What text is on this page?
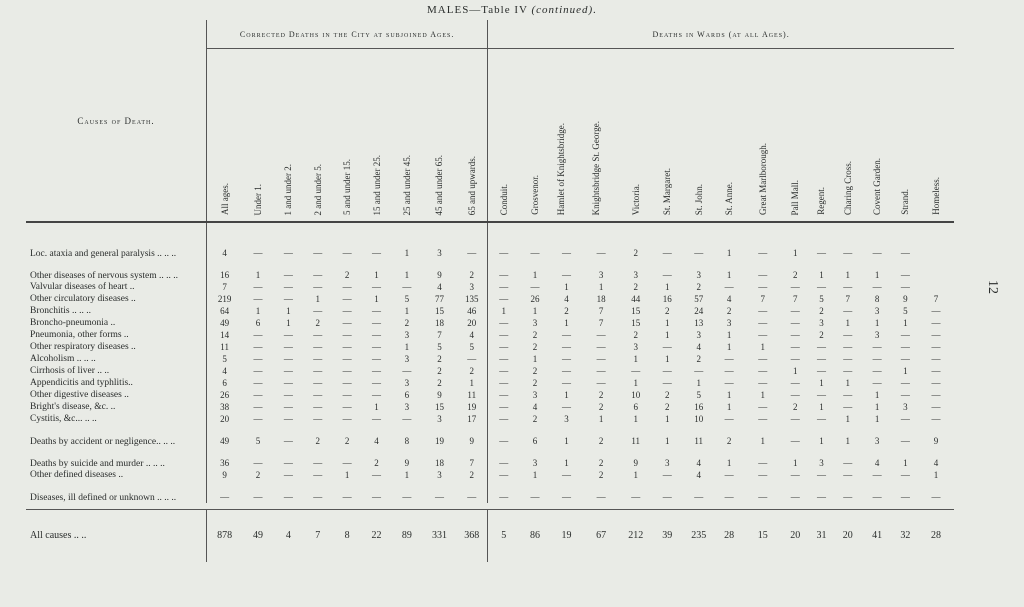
MALES—Table IV (continued).
12
Causes of Death.	Corrected Deaths in the City at subjoined Ages.									Deaths in Wards (at all Ages).														

	All ages.	Under 1.	1 and under 2.	2 and under 5.	5 and under 15.	15 and under 25.	25 and under 45.	45 and under 65.	65 and upwards.	Conduit.	Grosvenor.	Hamlet of Knightsbridge.	Knightsbridge St. George.	Victoria.	St. Margaret.	St. John.	St. Anne.	Great Marlborough.	Pall Mall.	Regent.	Charing Cross.	Covent Garden.	Strand.	Homeless.

Loc. ataxia and general paralysis .. .. ..	4	—	—	—	—	—	1	3	—	—	—	—	—	2	—	—	1	—	1	—	—	—	—	
Other diseases of nervous system .. .. ..	16	1	—	—	2	1	1	9	2	—	1	—	3	3	—	3	1	—	2	1	1	1	—	
Valvular diseases of heart ..	7	—	—	—	—	—	—	4	3	—	—	1	1	2	1	2	—	—	—	—	—	—	—	
Other circulatory diseases ..	219	—	—	1	—	1	5	77	135	—	26	4	18	44	16	57	4	7	7	5	7	8	9	7
Bronchitis .. .. ..	64	1	1	—	—	—	1	15	46	1	1	2	7	15	2	24	2	—	—	2	—	3	5	—
Broncho-pneumonia ..	49	6	1	2	—	—	2	18	20	—	3	1	7	15	1	13	3	—	—	3	1	1	1	—
Pneumonia, other forms ..	14	—	—	—	—	—	3	7	4	—	2	—	—	2	1	3	1	—	—	2	—	3	—	—
Other respiratory diseases ..	11	—	—	—	—	—	1	5	5	—	2	—	—	3	—	4	1	1	—	—	—	—	—	—
Alcoholism .. .. ..	5	—	—	—	—	—	3	2	—	—	1	—	—	1	1	2	—	—	—	—	—	—	—	—
Cirrhosis of liver .. ..	4	—	—	—	—	—	—	2	2	—	2	—	—	—	—	—	—	—	1	—	—	—	1	—
Appendicitis and typhlitis..	6	—	—	—	—	—	3	2	1	—	2	—	—	1	—	1	—	—	—	1	1	—	—	—
Other digestive diseases ..	26	—	—	—	—	—	6	9	11	—	3	1	2	10	2	5	1	1	—	—	—	1	—	—
Bright's disease, &c. ..	38	—	—	—	—	1	3	15	19	—	4	—	2	6	2	16	1	—	2	1	—	1	3	—
Cystitis, &c... .. ..	20	—	—	—	—	—	—	3	17	—	2	3	1	1	1	10	—	—	—	—	1	1	—	—
Deaths by accident or negligence.. .. ..	49	5	—	2	2	4	8	19	9	—	6	1	2	11	1	11	2	1	—	1	1	3	—	9
Deaths by suicide and murder .. .. ..	36	—	—	—	—	2	9	18	7	—	3	1	2	9	3	4	1	—	1	3	—	4	1	4
Other defined diseases ..	9	2	—	—	1	—	1	3	2	—	1	—	2	1	—	4	—	—	—	—	—	—	—	1
Diseases, ill defined or unknown .. .. ..	—	—	—	—	—	—	—	—	—	—	—	—	—	—	—	—	—	—	—	—	—	—	—	—

All causes .. ..	878	49	4	7	8	22	89	331	368	5	86	19	67	212	39	235	28	15	20	31	20	41	32	28
